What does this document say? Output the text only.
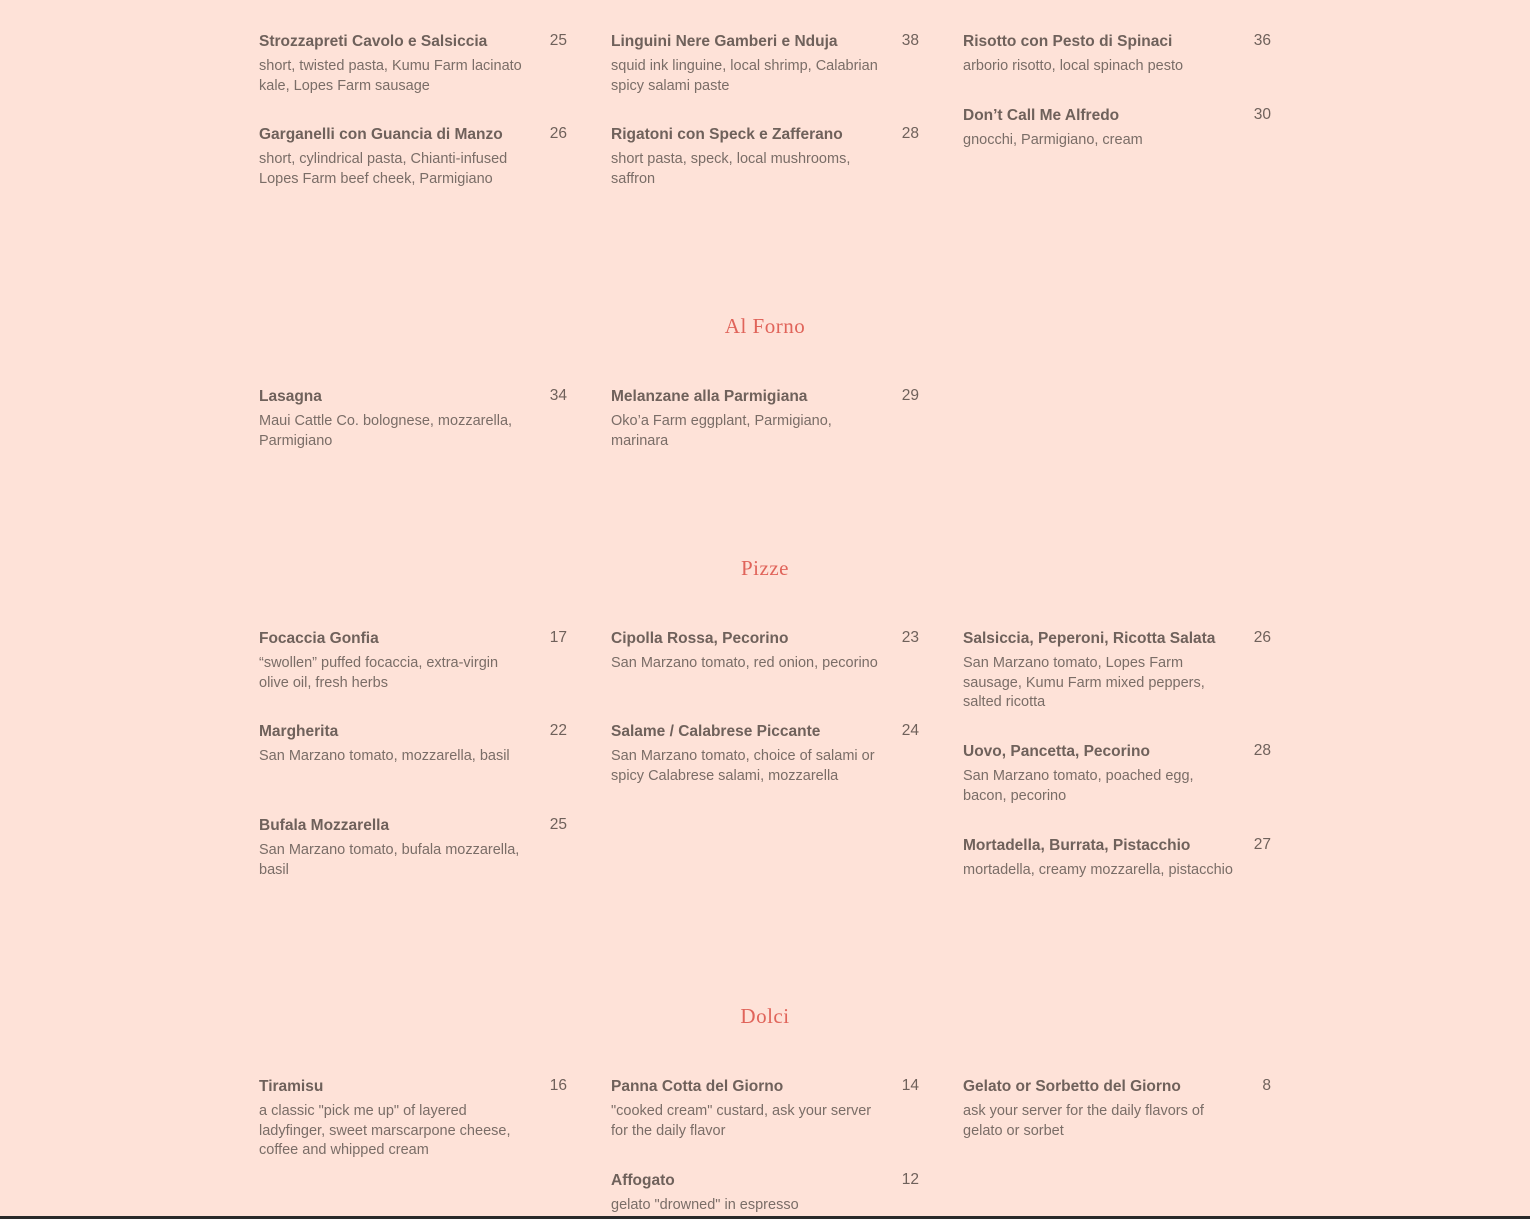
Strozzapreti Cavolo e Salsiccia	25
short, twisted pasta, Kumu Farm lacinato kale, Lopes Farm sausage
Garganelli con Guancia di Manzo	26
short, cylindrical pasta, Chianti-infused Lopes Farm beef cheek, Parmigiano
Linguini Nere Gamberi e Nduja	38
squid ink linguine, local shrimp, Calabrian spicy salami paste
Rigatoni con Speck e Zafferano	28
short pasta, speck, local mushrooms, saffron
Risotto con Pesto di Spinaci	36
arborio risotto, local spinach pesto
Don’t Call Me Alfredo	30
gnocchi, Parmigiano, cream
Al Forno
Lasagna	34
Maui Cattle Co. bolognese, mozzarella, Parmigiano
Melanzane alla Parmigiana	29
Oko’a Farm eggplant, Parmigiano, marinara
Pizze
Focaccia Gonfia	17
“swollen” puffed focaccia, extra-virgin olive oil, fresh herbs
Margherita	22
San Marzano tomato, mozzarella, basil
Bufala Mozzarella	25
San Marzano tomato, bufala mozzarella, basil
Cipolla Rossa, Pecorino	23
San Marzano tomato, red onion, pecorino
Salame / Calabrese Piccante	24
San Marzano tomato, choice of salami or spicy Calabrese salami, mozzarella
Salsiccia, Peperoni, Ricotta Salata	26
San Marzano tomato, Lopes Farm sausage, Kumu Farm mixed peppers, salted ricotta
Uovo, Pancetta, Pecorino	28
San Marzano tomato, poached egg, bacon, pecorino
Mortadella, Burrata, Pistacchio	27
mortadella, creamy mozzarella, pistacchio
Dolci
Tiramisu	16
a classic "pick me up" of layered ladyfinger, sweet marscarpone cheese, coffee and whipped cream
Panna Cotta del Giorno	14
"cooked cream" custard, ask your server for the daily flavor
Affogato	12
gelato "drowned" in espresso
Gelato or Sorbetto del Giorno	8
ask your server for the daily flavors of gelato or sorbet
